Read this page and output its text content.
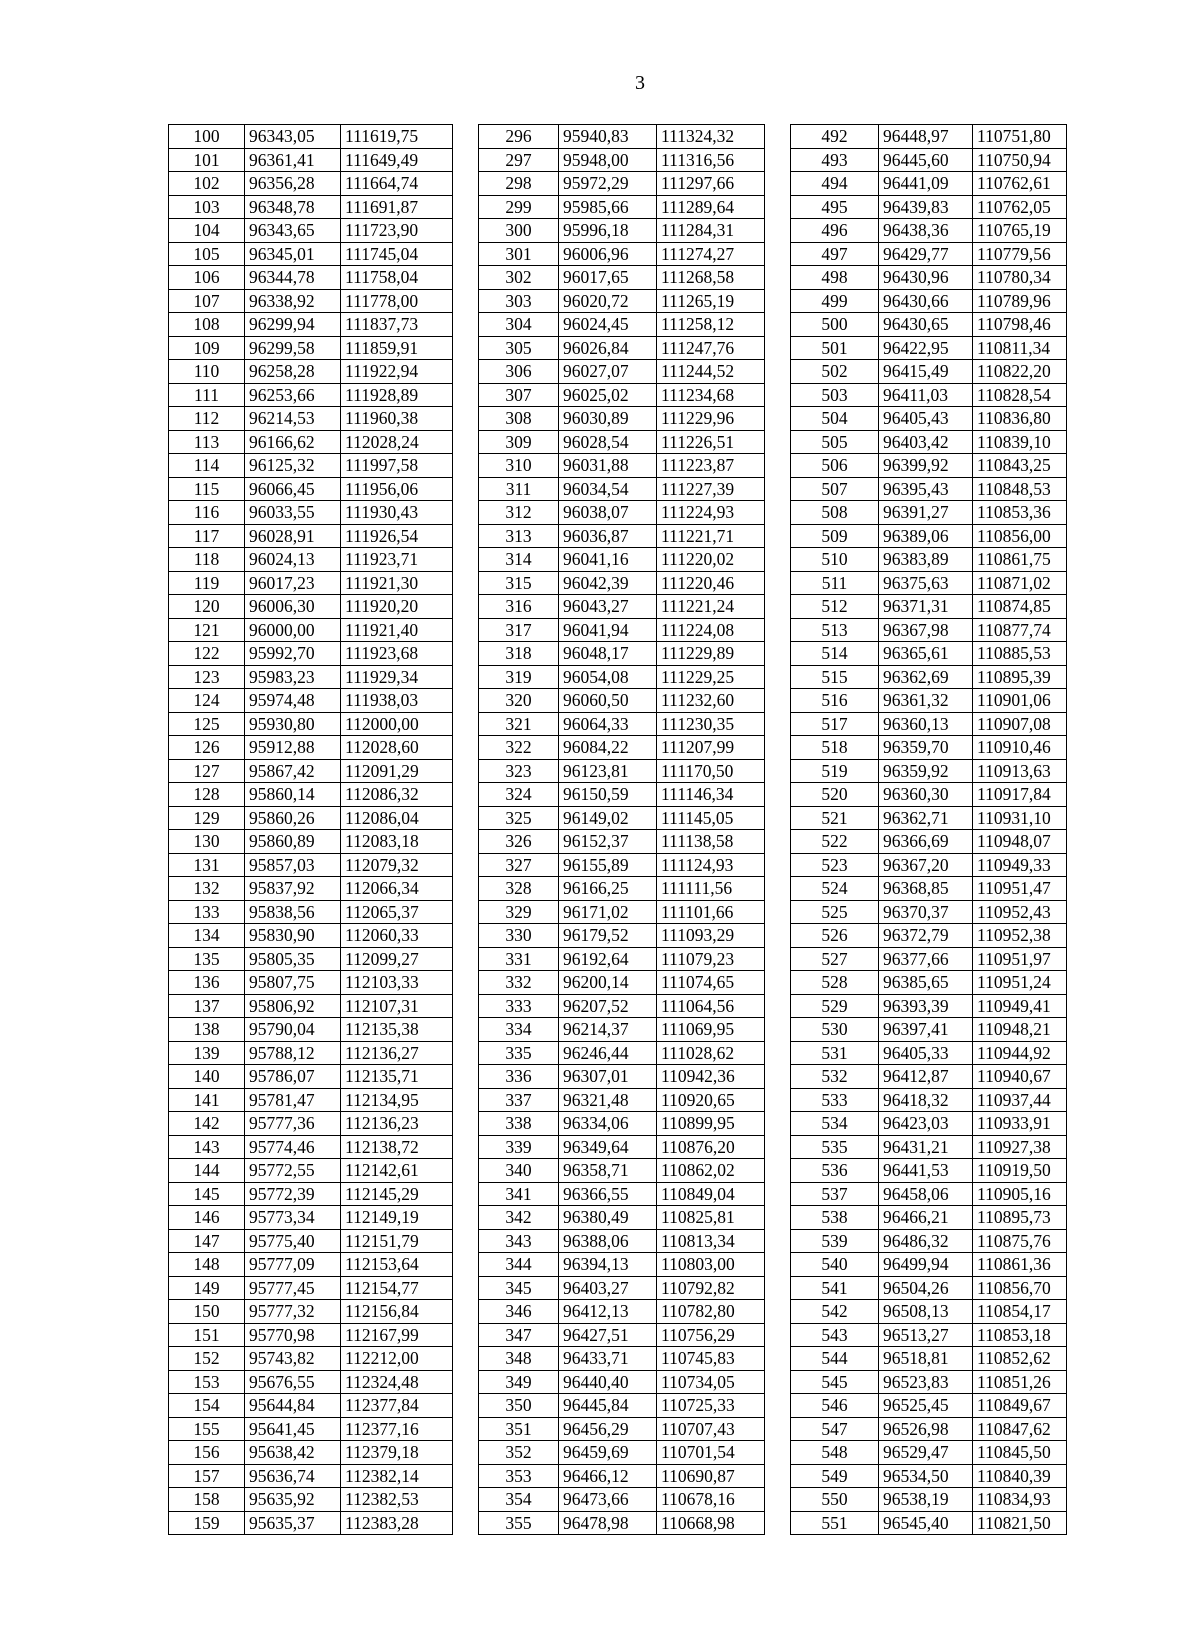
3
100	96343,05	111619,75		296	95940,83	111324,32		492	96448,97	110751,80
101	96361,41	111649,49		297	95948,00	111316,56		493	96445,60	110750,94
102	96356,28	111664,74		298	95972,29	111297,66		494	96441,09	110762,61
103	96348,78	111691,87		299	95985,66	111289,64		495	96439,83	110762,05
104	96343,65	111723,90		300	95996,18	111284,31		496	96438,36	110765,19
105	96345,01	111745,04		301	96006,96	111274,27		497	96429,77	110779,56
106	96344,78	111758,04		302	96017,65	111268,58		498	96430,96	110780,34
107	96338,92	111778,00		303	96020,72	111265,19		499	96430,66	110789,96
108	96299,94	111837,73		304	96024,45	111258,12		500	96430,65	110798,46
109	96299,58	111859,91		305	96026,84	111247,76		501	96422,95	110811,34
110	96258,28	111922,94		306	96027,07	111244,52		502	96415,49	110822,20
111	96253,66	111928,89		307	96025,02	111234,68		503	96411,03	110828,54
112	96214,53	111960,38		308	96030,89	111229,96		504	96405,43	110836,80
113	96166,62	112028,24		309	96028,54	111226,51		505	96403,42	110839,10
114	96125,32	111997,58		310	96031,88	111223,87		506	96399,92	110843,25
115	96066,45	111956,06		311	96034,54	111227,39		507	96395,43	110848,53
116	96033,55	111930,43		312	96038,07	111224,93		508	96391,27	110853,36
117	96028,91	111926,54		313	96036,87	111221,71		509	96389,06	110856,00
118	96024,13	111923,71		314	96041,16	111220,02		510	96383,89	110861,75
119	96017,23	111921,30		315	96042,39	111220,46		511	96375,63	110871,02
120	96006,30	111920,20		316	96043,27	111221,24		512	96371,31	110874,85
121	96000,00	111921,40		317	96041,94	111224,08		513	96367,98	110877,74
122	95992,70	111923,68		318	96048,17	111229,89		514	96365,61	110885,53
123	95983,23	111929,34		319	96054,08	111229,25		515	96362,69	110895,39
124	95974,48	111938,03		320	96060,50	111232,60		516	96361,32	110901,06
125	95930,80	112000,00		321	96064,33	111230,35		517	96360,13	110907,08
126	95912,88	112028,60		322	96084,22	111207,99		518	96359,70	110910,46
127	95867,42	112091,29		323	96123,81	111170,50		519	96359,92	110913,63
128	95860,14	112086,32		324	96150,59	111146,34		520	96360,30	110917,84
129	95860,26	112086,04		325	96149,02	111145,05		521	96362,71	110931,10
130	95860,89	112083,18		326	96152,37	111138,58		522	96366,69	110948,07
131	95857,03	112079,32		327	96155,89	111124,93		523	96367,20	110949,33
132	95837,92	112066,34		328	96166,25	111111,56		524	96368,85	110951,47
133	95838,56	112065,37		329	96171,02	111101,66		525	96370,37	110952,43
134	95830,90	112060,33		330	96179,52	111093,29		526	96372,79	110952,38
135	95805,35	112099,27		331	96192,64	111079,23		527	96377,66	110951,97
136	95807,75	112103,33		332	96200,14	111074,65		528	96385,65	110951,24
137	95806,92	112107,31		333	96207,52	111064,56		529	96393,39	110949,41
138	95790,04	112135,38		334	96214,37	111069,95		530	96397,41	110948,21
139	95788,12	112136,27		335	96246,44	111028,62		531	96405,33	110944,92
140	95786,07	112135,71		336	96307,01	110942,36		532	96412,87	110940,67
141	95781,47	112134,95		337	96321,48	110920,65		533	96418,32	110937,44
142	95777,36	112136,23		338	96334,06	110899,95		534	96423,03	110933,91
143	95774,46	112138,72		339	96349,64	110876,20		535	96431,21	110927,38
144	95772,55	112142,61		340	96358,71	110862,02		536	96441,53	110919,50
145	95772,39	112145,29		341	96366,55	110849,04		537	96458,06	110905,16
146	95773,34	112149,19		342	96380,49	110825,81		538	96466,21	110895,73
147	95775,40	112151,79		343	96388,06	110813,34		539	96486,32	110875,76
148	95777,09	112153,64		344	96394,13	110803,00		540	96499,94	110861,36
149	95777,45	112154,77		345	96403,27	110792,82		541	96504,26	110856,70
150	95777,32	112156,84		346	96412,13	110782,80		542	96508,13	110854,17
151	95770,98	112167,99		347	96427,51	110756,29		543	96513,27	110853,18
152	95743,82	112212,00		348	96433,71	110745,83		544	96518,81	110852,62
153	95676,55	112324,48		349	96440,40	110734,05		545	96523,83	110851,26
154	95644,84	112377,84		350	96445,84	110725,33		546	96525,45	110849,67
155	95641,45	112377,16		351	96456,29	110707,43		547	96526,98	110847,62
156	95638,42	112379,18		352	96459,69	110701,54		548	96529,47	110845,50
157	95636,74	112382,14		353	96466,12	110690,87		549	96534,50	110840,39
158	95635,92	112382,53		354	96473,66	110678,16		550	96538,19	110834,93
159	95635,37	112383,28		355	96478,98	110668,98		551	96545,40	110821,50
